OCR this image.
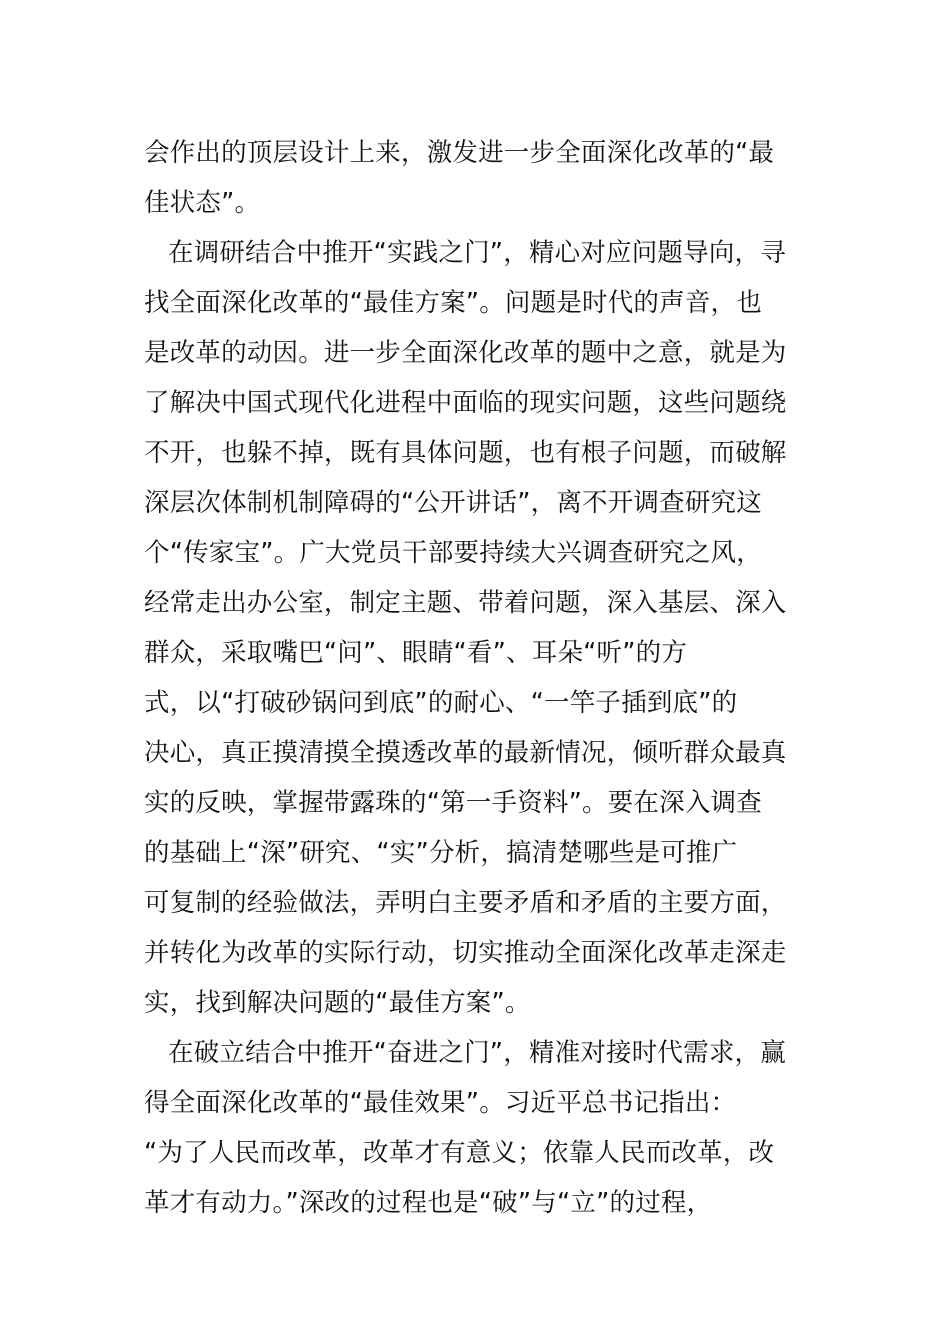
会作出的顶层设计上来，激发进一步全面深化改革的“最
佳状态”。
在调研结合中推开“实践之门”，精心对应问题导向，寻
找全面深化改革的“最佳方案”。问题是时代的声音，也
是改革的动因。进一步全面深化改革的题中之意，就是为
了解决中国式现代化进程中面临的现实问题，这些问题绕
不开，也躲不掉，既有具体问题，也有根子问题，而破解
深层次体制机制障碍的“公开讲话”，离不开调查研究这
个“传家宝”。广大党员干部要持续大兴调查研究之风，
经常走出办公室，制定主题、带着问题，深入基层、深入
群众，采取嘴巴“问”、眼睛“看”、耳朵“听”的方
式，以“打破砂锅问到底”的耐心、“一竿子插到底”的
决心，真正摸清摸全摸透改革的最新情况，倾听群众最真
实的反映，掌握带露珠的“第一手资料”。要在深入调查
的基础上“深”研究、“实”分析，搞清楚哪些是可推广
可复制的经验做法，弄明白主要矛盾和矛盾的主要方面，
并转化为改革的实际行动，切实推动全面深化改革走深走
实，找到解决问题的“最佳方案”。
在破立结合中推开“奋进之门”，精准对接时代需求，赢
得全面深化改革的“最佳效果”。习近平总书记指出：
“为了人民而改革，改革才有意义；依靠人民而改革，改
革才有动力。”深改的过程也是“破”与“立”的过程，
